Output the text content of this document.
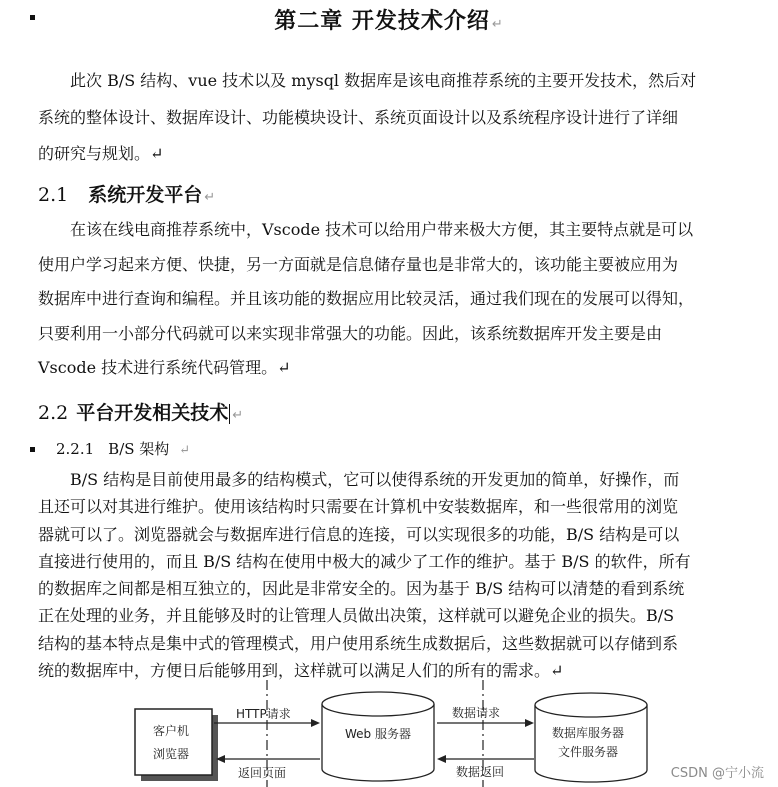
第二章 开发技术介绍 ↵
　　此次 B/S 结构、vue 技术以及 mysql 数据库是该电商推荐系统的主要开发技术，然后对
系统的整体设计、数据库设计、功能模块设计、系统页面设计以及系统程序设计进行了详细
的研究与规划。↵
2.1 系统开发平台 ↵
　　在该在线电商推荐系统中，Vscode 技术可以给用户带来极大方便，其主要特点就是可以
使用户学习起来方便、快捷，另一方面就是信息储存量也是非常大的，该功能主要被应用为
数据库中进行查询和编程。并且该功能的数据应用比较灵活，通过我们现在的发展可以得知，
只要利用一小部分代码就可以来实现非常强大的功能。因此，该系统数据库开发主要是由
Vscode 技术进行系统代码管理。↵
2.2 平台开发相关技术 ↵
2.2.1 B/S 架构 ↵
　　B/S 结构是目前使用最多的结构模式，它可以使得系统的开发更加的简单，好操作，而
且还可以对其进行维护。使用该结构时只需要在计算机中安装数据库，和一些很常用的浏览
器就可以了。浏览器就会与数据库进行信息的连接，可以实现很多的功能，B/S 结构是可以
直接进行使用的，而且 B/S 结构在使用中极大的减少了工作的维护。基于 B/S 的软件，所有
的数据库之间都是相互独立的，因此是非常安全的。因为基于 B/S 结构可以清楚的看到系统
正在处理的业务，并且能够及时的让管理人员做出决策，这样就可以避免企业的损失。B/S
结构的基本特点是集中式的管理模式，用户使用系统生成数据后，这些数据就可以存储到系
统的数据库中，方便日后能够用到，这样就可以满足人们的所有的需求。↵
客户机
浏览器
Web 服务器	数据库服务器
文件服务器
HTTP请求
返回页面
数据请求
数据返回	CSDN @宁小流
